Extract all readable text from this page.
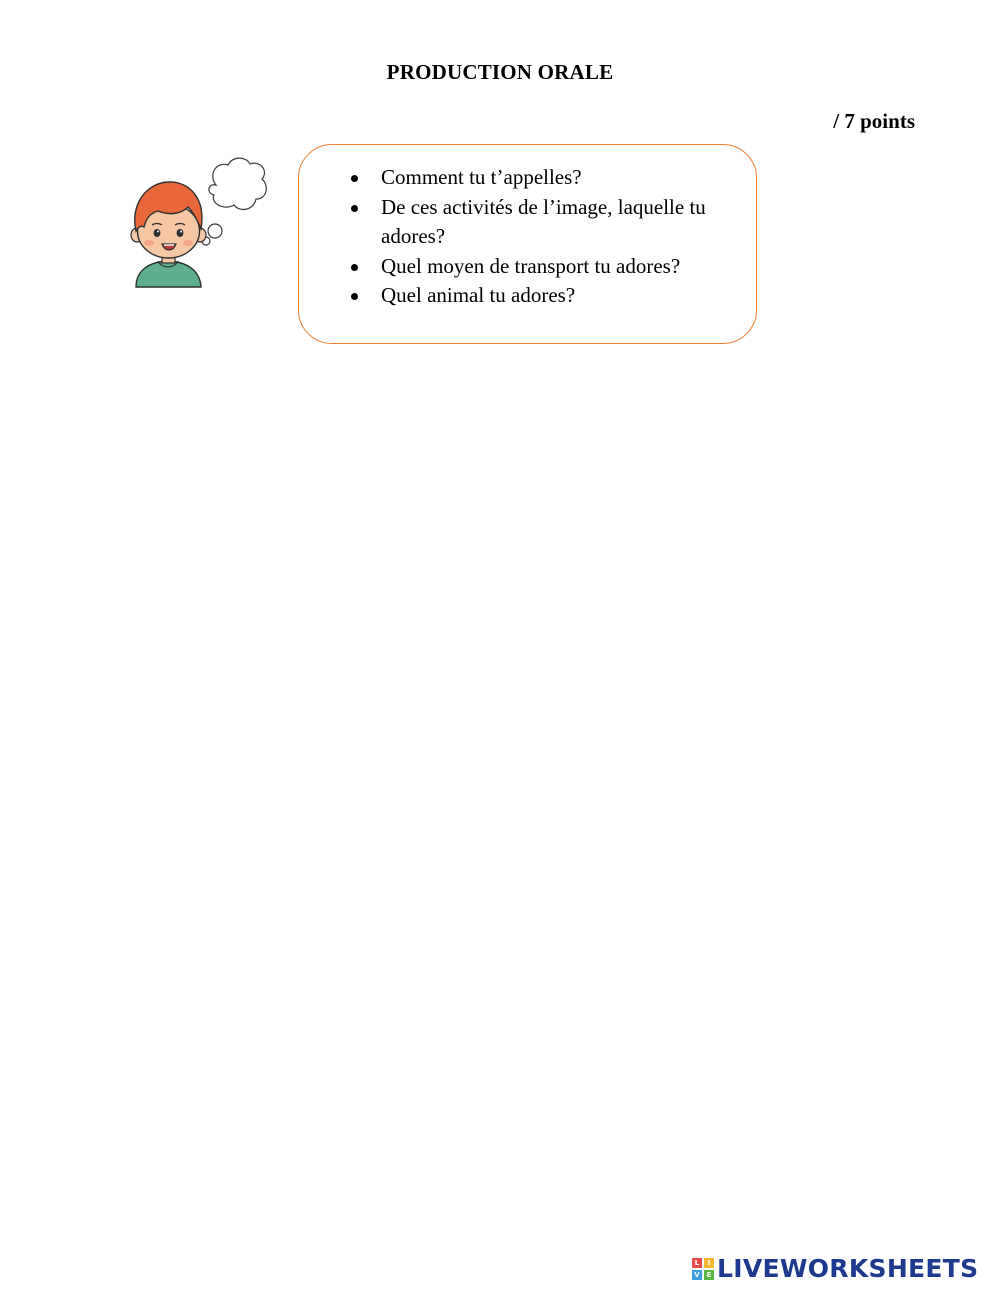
PRODUCTION ORALE
/ 7 points
Comment tu t’appelles?
De ces activités de l’image, laquelle tu adores?
Quel moyen de transport tu adores?
Quel animal tu adores?
L	I
V E LIVEWORKSHEETS
